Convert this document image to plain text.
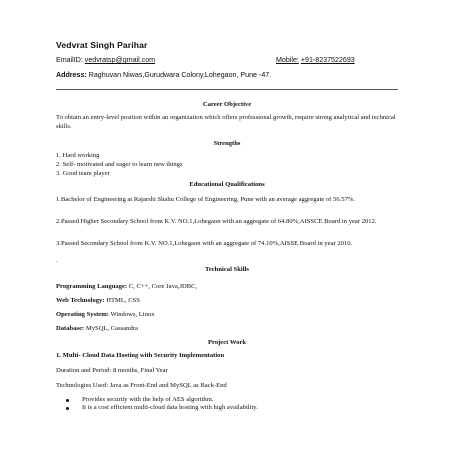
Vedvrat Singh Parihar
EmailID: vedvratsp@gmail.com	Mobile: +91-8237522693
Address: Raghuvan Niwas,Gurudwara Colony,Lohegaon, Pune -47.
Career Objective
To obtain an entry-level position within an organization which offers professional growth, require strong analytical and technical skills.
Strengths
1. Hard working
2. Self- motivated and eager to learn new things
3. Good team player
Educational Qualifications
1.Bachelor of Engineering at Rajarshi Shahu College of Engineering, Pune with an average aggregate of 56.57%.
2.Passed Higher Secondary School from K.V. NO.1,Lohegaon with an aggregate of 64.80%,AISSCE Board in year 2012.
3.Passed Secondary School from K.V. NO.1,Lohegaon with an aggregate of 74.10%,AISSE Board in year 2010.
.
Technical Skills
Programming Language: C, C++, Core Java,JDBC,
Web Technology: HTML, CSS
Operating System: Windows, Linux
Database: MySQL, Cassandra
Project Work
1. Multi- Cloud Data Hosting with Security Implementation
Duration and Period: 8 months, Final Year
Technologies Used: Java as Front-End and MySQL as Back-End
Provides security with the help of AES algorithm.
It is a cost efficient multi-cloud data hosting with high availability.
